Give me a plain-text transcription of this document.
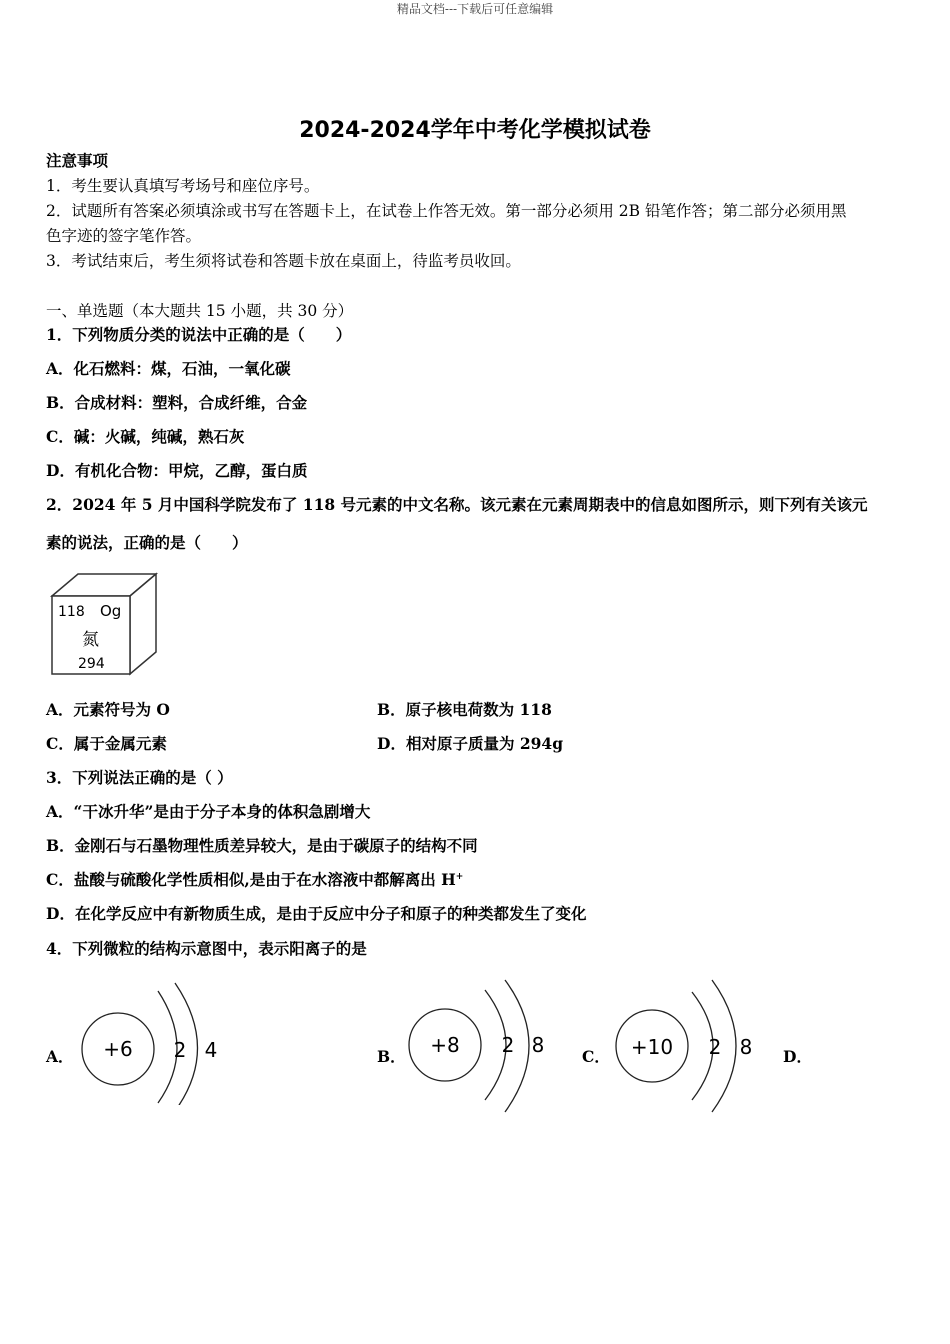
精品文档---下载后可任意编辑
2024-2024学年中考化学模拟试卷
注意事项
1．考生要认真填写考场号和座位序号。
2．试题所有答案必须填涂或书写在答题卡上，在试卷上作答无效。第一部分必须用 2B 铅笔作答；第二部分必须用黑
色字迹的签字笔作答。
3．考试结束后，考生须将试卷和答题卡放在桌面上，待监考员收回。
一、单选题（本大题共 15 小题，共 30 分）
1．下列物质分类的说法中正确的是（　　）
A．化石燃料：煤，石油，一氧化碳
B．合成材料：塑料，合成纤维，合金
C．碱：火碱，纯碱，熟石灰
D．有机化合物：甲烷，乙醇，蛋白质
2．2024 年 5 月中国科学院发布了 118 号元素的中文名称。该元素在元素周期表中的信息如图所示，则下列有关该元
素的说法，正确的是（　　）
118 Og
氮
294
A．元素符号为 O	B．原子核电荷数为 118
C．属于金属元素	D．相对原子质量为 294g
3．下列说法正确的是（ ）
A．“干冰升华”是由于分子本身的体积急剧增大
B．金刚石与石墨物理性质差异较大，是由于碳原子的结构不同
C．盐酸与硫酸化学性质相似,是由于在水溶液中都解离出 H+
D．在化学反应中有新物质生成，是由于反应中分子和原子的种类都发生了变化
4．下列微粒的结构示意图中，表示阳离子的是
A． +6 2 4	B． +8 2 8 C． +10 2 8 D．
